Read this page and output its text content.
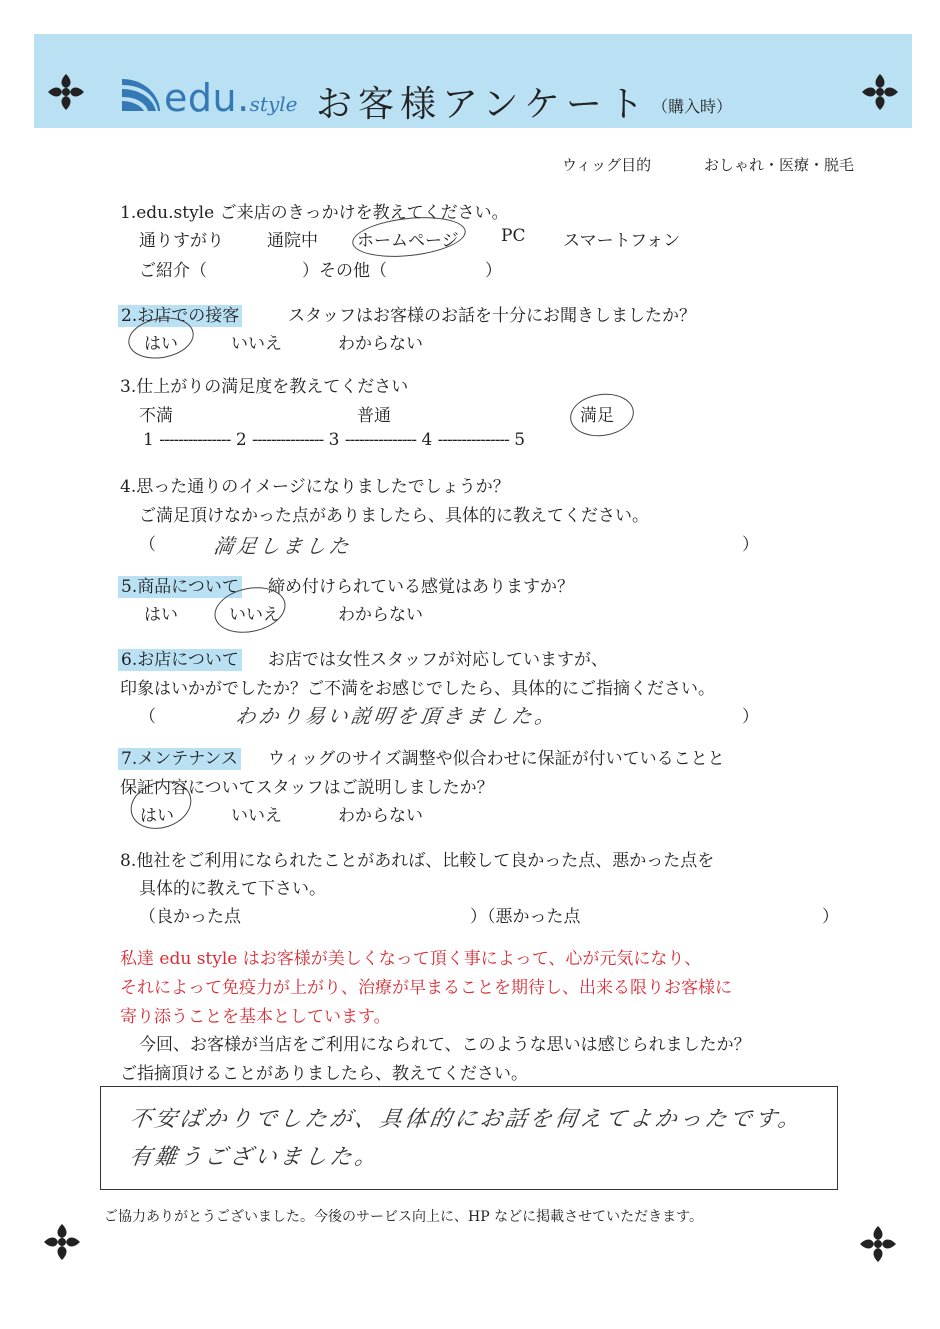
edu.style お客様アンケート （購入時）
ウィッグ目的	おしゃれ・医療・脱毛
1.edu.style ご来店のきっかけを教えてください。
通りすがり	通院中 ホームページ PC スマートフォン
ご紹介（	）その他（	）
2.お店での接客	スタッフはお客様のお話を十分にお聞きしましたか？
はい	いいえ	わからない
3.仕上がりの満足度を教えてください
不満	普通	満足
1 --------------- 2 --------------- 3 --------------- 4 --------------- 5
4.思った通りのイメージになりましたでしょうか？
ご満足頂けなかった点がありましたら、具体的に教えてください。
（	満足しました	）
5.商品について 締め付けられている感覚はありますか？
はい	いいえ	わからない
6.お店について お店では女性スタッフが対応していますが、
印象はいかがでしたか？ご不満をお感じでしたら、具体的にご指摘ください。
（	わかり易い説明を頂きました。	）
7.メンテナンス ウィッグのサイズ調整や似合わせに保証が付いていることと
保証内容についてスタッフはご説明しましたか？
はい	いいえ	わからない
8.他社をご利用になられたことがあれば、比較して良かった点、悪かった点を
具体的に教えて下さい。
（良かった点	）（悪かった点	）
私達 edu style はお客様が美しくなって頂く事によって、心が元気になり、
それによって免疫力が上がり、治療が早まることを期待し、出来る限りお客様に
寄り添うことを基本としています。
今回、お客様が当店をご利用になられて、このような思いは感じられましたか？
ご指摘頂けることがありましたら、教えてください。
不安ばかりでしたが、具体的にお話を伺えてよかったです。
有難うございました。
ご協力ありがとうございました。今後のサービス向上に、HP などに掲載させていただきます。
